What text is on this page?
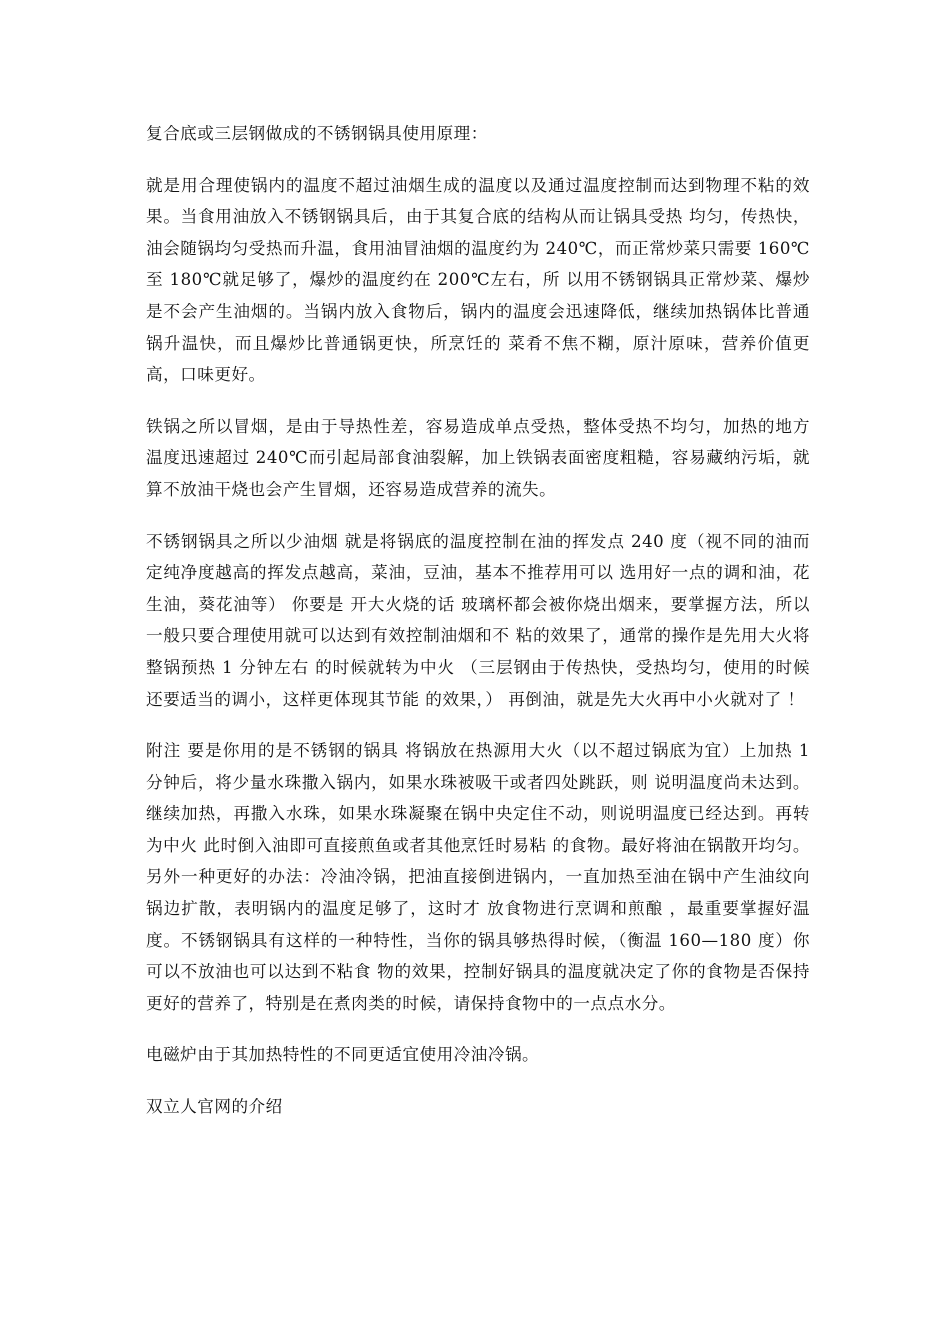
复合底或三层钢做成的不锈钢锅具使用原理：

就是用合理使锅内的温度不超过油烟生成的温度以及通过温度控制而达到物理不粘的效果。当食用油放入不锈钢锅具后，由于其复合底的结构从而让锅具受热 均匀，传热快，油会随锅均匀受热而升温，食用油冒油烟的温度约为 240℃，而正常炒菜只需要 160℃至 180℃就足够了，爆炒的温度约在 200℃左右，所 以用不锈钢锅具正常炒菜、爆炒是不会产生油烟的。当锅内放入食物后，锅内的温度会迅速降低，继续加热锅体比普通锅升温快，而且爆炒比普通锅更快，所烹饪的 菜肴不焦不糊，原汁原味，营养价值更高，口味更好。

铁锅之所以冒烟，是由于导热性差，容易造成单点受热，整体受热不均匀，加热的地方温度迅速超过 240℃而引起局部食油裂解，加上铁锅表面密度粗糙，容易藏纳污垢，就算不放油干烧也会产生冒烟，还容易造成营养的流失。

不锈钢锅具之所以少油烟 就是将锅底的温度控制在油的挥发点 240 度（视不同的油而定纯净度越高的挥发点越高，菜油，豆油，基本不推荐用可以 选用好一点的调和油，花生油，葵花油等） 你要是 开大火烧的话 玻璃杯都会被你烧出烟来，要掌握方法，所以一般只要合理使用就可以达到有效控制油烟和不 粘的效果了，通常的操作是先用大火将整锅预热 1 分钟左右 的时候就转为中火 （三层钢由于传热快，受热均匀，使用的时候还要适当的调小，这样更体现其节能 的效果，） 再倒油，就是先大火再中小火就对了 ！

附注 要是你用的是不锈钢的锅具 将锅放在热源用大火（以不超过锅底为宜）上加热 1 分钟后，将少量水珠撒入锅内，如果水珠被吸干或者四处跳跃，则 说明温度尚未达到。继续加热，再撒入水珠，如果水珠凝聚在锅中央定住不动，则说明温度已经达到。再转为中火 此时倒入油即可直接煎鱼或者其他烹饪时易粘 的食物。最好将油在锅散开均匀。另外一种更好的办法：冷油冷锅，把油直接倒进锅内，一直加热至油在锅中产生油纹向锅边扩散，表明锅内的温度足够了，这时才 放食物进行烹调和煎酿 ，最重要掌握好温度。不锈钢锅具有这样的一种特性，当你的锅具够热得时候，（衡温 160—180 度）你可以不放油也可以达到不粘食 物的效果，控制好锅具的温度就决定了你的食物是否保持更好的营养了，特别是在煮肉类的时候，请保持食物中的一点点水分。

电磁炉由于其加热特性的不同更适宜使用冷油冷锅。

双立人官网的介绍
